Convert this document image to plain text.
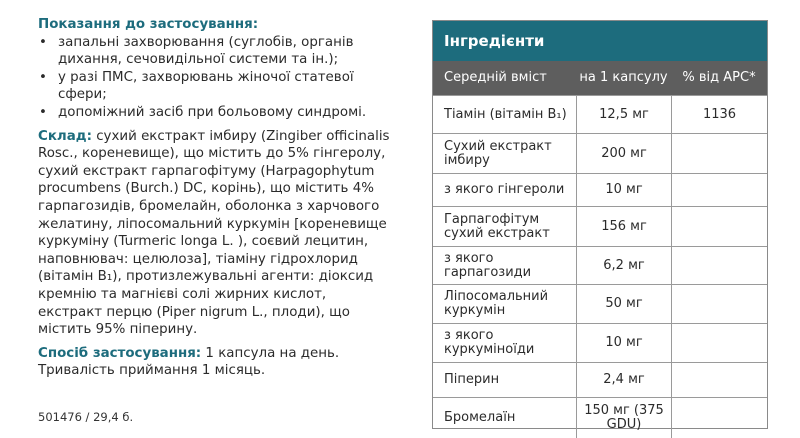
Показання до застосування:
• запальні захворювання (суглобів, органів дихання, сечовидільної системи та ін.);
• у разі ПМС, захворювань жіночої статевої сфери;
• допоміжний засіб при больовому синдромі.
Склад: сухий екстракт імбиру (Zingiber officinalis Rosc., кореневище), що містить до 5% гінгеролу, сухий екстракт гарпагофітуму (Harpagophytum procumbens (Burch.) DC, корінь), що містить 4% гарпагозидів, бромелайн, оболонка з харчового желатину, ліпосомальний куркумін [кореневище куркуміну (Turmeric longa L. ), соєвий лецитин, наповнювач: целюлоза], тіаміну гідрохлорид (вітамін B₁), протизлежувальні агенти: діоксид кремнію та магнієві солі жирних кислот, екстракт перцю (Piper nigrum L., плоди), що містить 95% піперину.
Спосіб застосування: 1 капсула на день. Тривалість приймання 1 місяць.
501476 / 29,4 б.
Інгредієнти
Середній вміст	на 1 капсулу	% від АРС*
Тіамін (вітамін B₁)	12,5 мг	1136
Сухий екстракт імбиру	200 мг
з якого гінгероли	10 мг
Гарпагофітум сухий екстракт	156 мг
з якого гарпагозиди	6,2 мг
Ліпосомальний куркумін	50 мг
з якого куркуміноїди	10 мг
Піперин	2,4 мг
Бромелаїн	150 мг (375 GDU)
